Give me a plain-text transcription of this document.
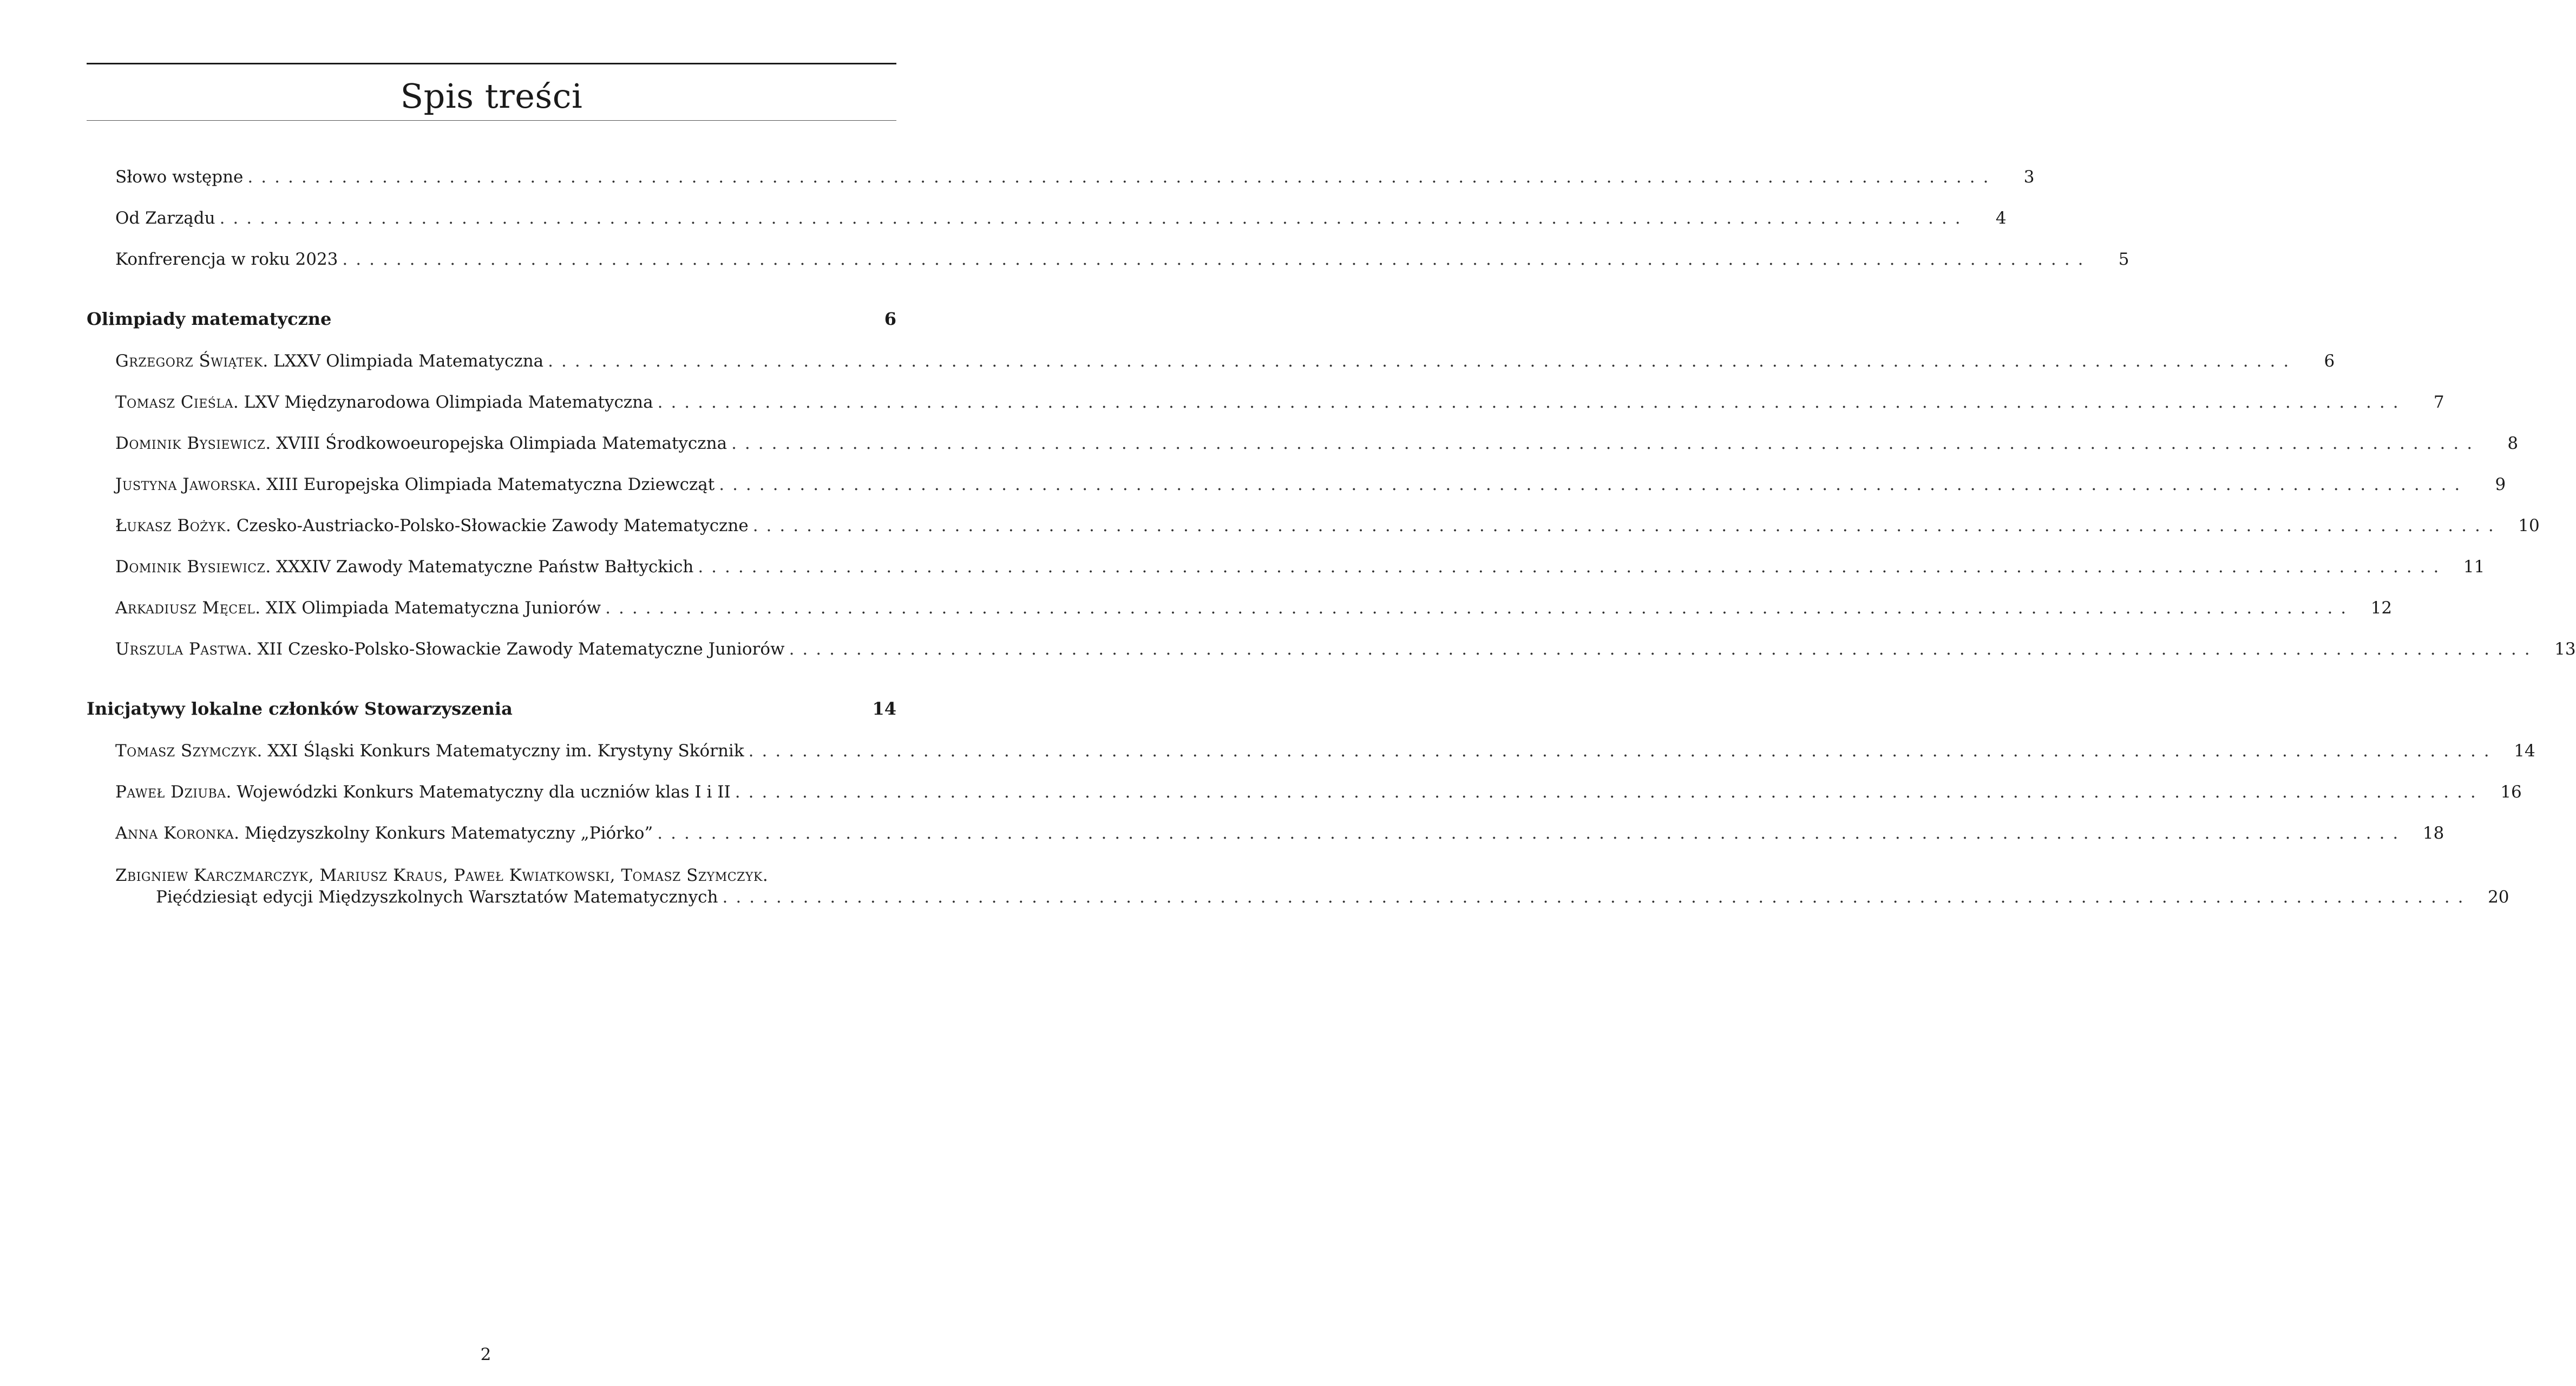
Spis treści
Słowo wstępne ..................................................................................................................................	3
Od Zarządu ..................................................................................................................................	4
Konfrerencja w roku 2023 ..................................................................................................................................	5
Olimpiady matematyczne	6
Grzegorz Świątek. LXXV Olimpiada Matematyczna ..................................................................................................................................	6
Tomasz Cieśla. LXV Międzynarodowa Olimpiada Matematyczna ..................................................................................................................................	7
Dominik Bysiewicz. XVIII Środkowoeuropejska Olimpiada Matematyczna ..................................................................................................................................	8
Justyna Jaworska. XIII Europejska Olimpiada Matematyczna Dziewcząt ..................................................................................................................................	9
Łukasz Bożyk. Czesko-Austriacko-Polsko-Słowackie Zawody Matematyczne .................................................................................................................................. 10
Dominik Bysiewicz. XXXIV Zawody Matematyczne Państw Bałtyckich .................................................................................................................................. 11
Arkadiusz Męcel. XIX Olimpiada Matematyczna Juniorów .................................................................................................................................. 12
Urszula Pastwa. XII Czesko-Polsko-Słowackie Zawody Matematyczne Juniorów .................................................................................................................................. 13
Inicjatywy lokalne członków Stowarzyszenia	14
Tomasz Szymczyk. XXI Śląski Konkurs Matematyczny im. Krystyny Skórnik .................................................................................................................................. 14
Paweł Dziuba. Wojewódzki Konkurs Matematyczny dla uczniów klas I i II .................................................................................................................................. 16
Anna Koronka. Międzyszkolny Konkurs Matematyczny „Piórko” .................................................................................................................................. 18
Zbigniew Karczmarczyk, Mariusz Kraus, Paweł Kwiatkowski, Tomasz Szymczyk.
Pięćdziesiąt edycji Międzyszkolnych Warsztatów Matematycznych .................................................................................................................................. 20
2
